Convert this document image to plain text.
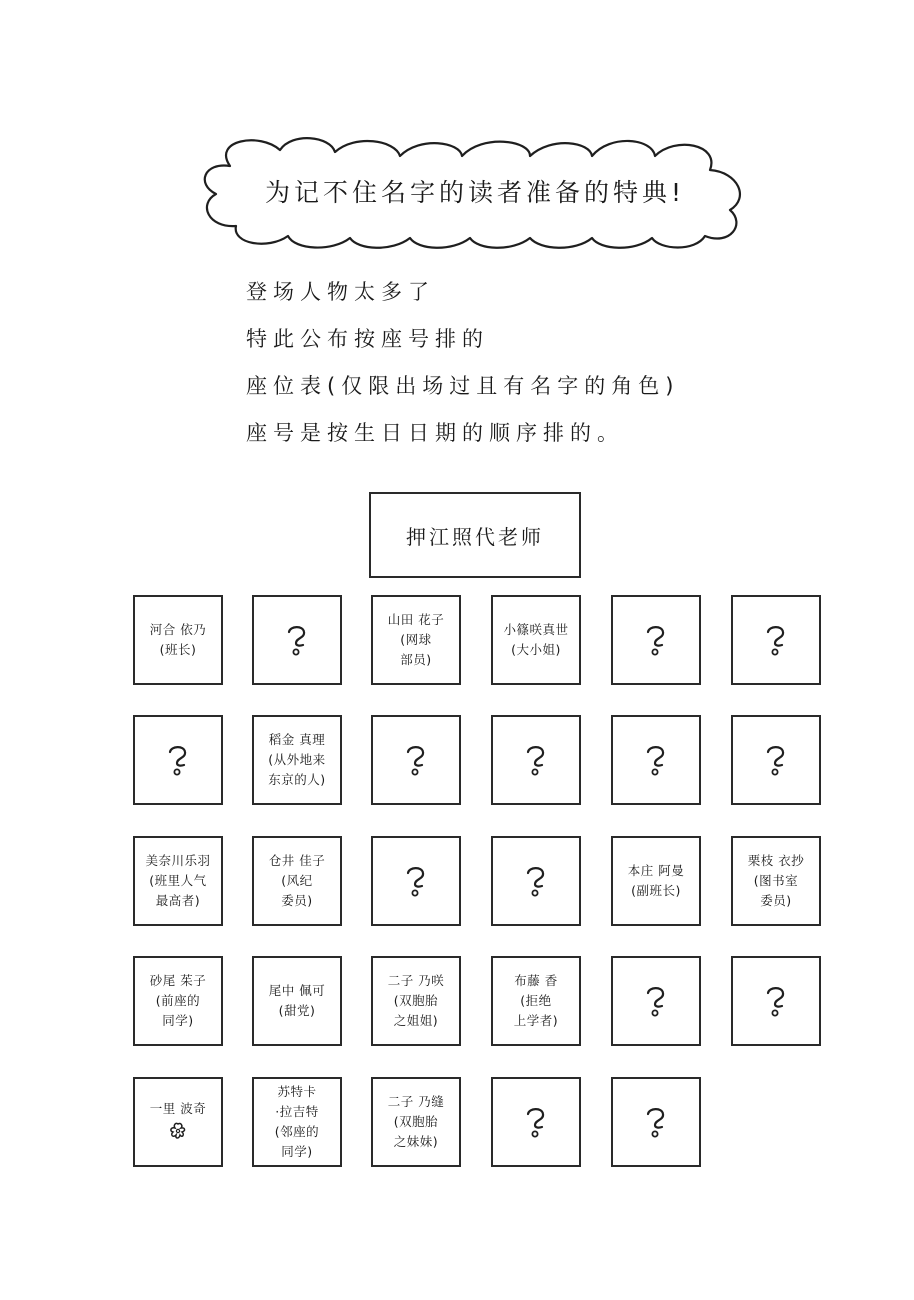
为记不住名字的读者准备的特典!
登场人物太多了
特此公布按座号排的
座位表(仅限出场过且有名字的角色)
座号是按生日日期的顺序排的。
押江照代老师
河合 依乃
(班长)
山田 花子
(网球
部员)
小篠咲真世
(大小姐)
稻金 真理
(从外地来
东京的人)
美奈川乐羽
(班里人气
最高者)
仓井 佳子
(风纪
委员)
本庄 阿曼
(副班长)
栗枝 衣抄
(图书室
委员)
砂尾 茱子
(前座的
同学)
尾中 佩可
(甜党)
二子 乃咲
(双胞胎
之姐姐)
布藤 香
(拒绝
上学者)
一里 波奇
苏特卡
·拉吉特
(邻座的
同学)
二子 乃缝
(双胞胎
之妹妹)
